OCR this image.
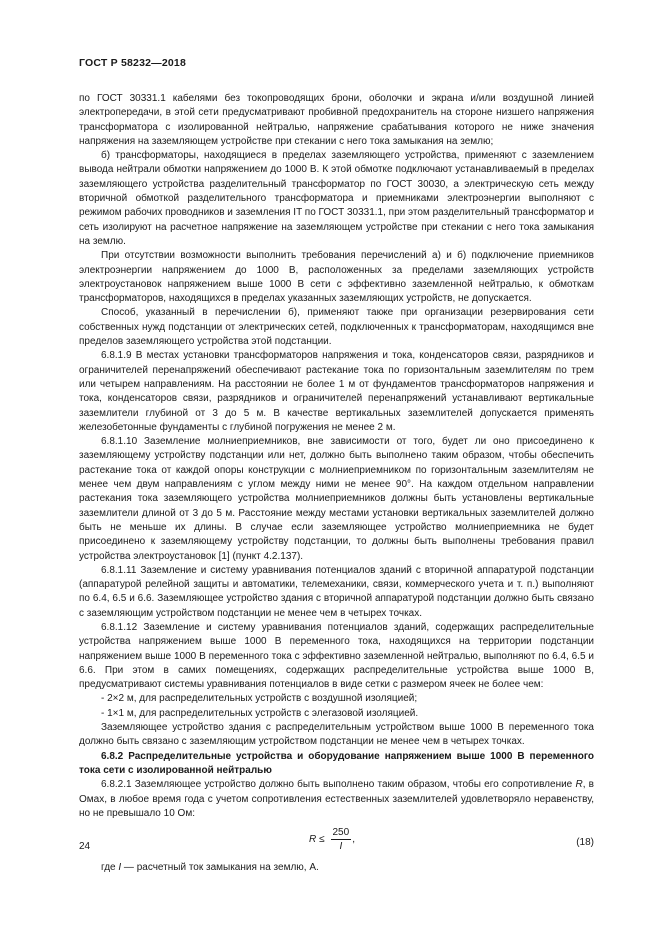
ГОСТ Р 58232—2018

по ГОСТ 30331.1 кабелями без токопроводящих брони, оболочки и экрана и/или воздушной линией электропередачи, в этой сети предусматривают пробивной предохранитель на стороне низшего напряжения трансформатора с изолированной нейтралью, напряжение срабатывания которого не ниже значения напряжения на заземляющем устройстве при стекании с него тока замыкания на землю;

б) трансформаторы, находящиеся в пределах заземляющего устройства, применяют с заземлением вывода нейтрали обмотки напряжением до 1000 В. К этой обмотке подключают устанавливаемый в пределах заземляющего устройства разделительный трансформатор по ГОСТ 30030, а электрическую сеть между вторичной обмоткой разделительного трансформатора и приемниками электроэнергии выполняют с режимом рабочих проводников и заземления IT по ГОСТ 30331.1, при этом разделительный трансформатор и сеть изолируют на расчетное напряжение на заземляющем устройстве при стекании с него тока замыкания на землю.

При отсутствии возможности выполнить требования перечислений а) и б) подключение приемников электроэнергии напряжением до 1000 В, расположенных за пределами заземляющих устройств электроустановок напряжением выше 1000 В сети с эффективно заземленной нейтралью, к обмоткам трансформаторов, находящихся в пределах указанных заземляющих устройств, не допускается.

Способ, указанный в перечислении б), применяют также при организации резервирования сети собственных нужд подстанции от электрических сетей, подключенных к трансформаторам, находящимся вне пределов заземляющего устройства этой подстанции.

6.8.1.9 В местах установки трансформаторов напряжения и тока, конденсаторов связи, разрядников и ограничителей перенапряжений обеспечивают растекание тока по горизонтальным заземлителям по трем или четырем направлениям. На расстоянии не более 1 м от фундаментов трансформаторов напряжения и тока, конденсаторов связи, разрядников и ограничителей перенапряжений устанавливают вертикальные заземлители глубиной от 3 до 5 м. В качестве вертикальных заземлителей допускается применять железобетонные фундаменты с глубиной погружения не менее 2 м.

6.8.1.10 Заземление молниеприемников, вне зависимости от того, будет ли оно присоединено к заземляющему устройству подстанции или нет, должно быть выполнено таким образом, чтобы обеспечить растекание тока от каждой опоры конструкции с молниеприемником по горизонтальным заземлителям не менее чем двум направлениям с углом между ними не менее 90°. На каждом отдельном направлении растекания тока заземляющего устройства молниеприемников должны быть установлены вертикальные заземлители длиной от 3 до 5 м. Расстояние между местами установки вертикальных заземлителей должно быть не меньше их длины. В случае если заземляющее устройство молниеприемника не будет присоединено к заземляющему устройству подстанции, то должны быть выполнены требования правил устройства электроустановок [1] (пункт 4.2.137).

6.8.1.11 Заземление и систему уравнивания потенциалов зданий с вторичной аппаратурой подстанции (аппаратурой релейной защиты и автоматики, телемеханики, связи, коммерческого учета и т. п.) выполняют по 6.4, 6.5 и 6.6. Заземляющее устройство здания с вторичной аппаратурой подстанции должно быть связано с заземляющим устройством подстанции не менее чем в четырех точках.

6.8.1.12 Заземление и систему уравнивания потенциалов зданий, содержащих распределительные устройства напряжением выше 1000 В переменного тока, находящихся на территории подстанции напряжением выше 1000 В переменного тока с эффективно заземленной нейтралью, выполняют по 6.4, 6.5 и 6.6. При этом в самих помещениях, содержащих распределительные устройства выше 1000 В, предусматривают системы уравнивания потенциалов в виде сетки с размером ячеек не более чем:

- 2×2 м, для распределительных устройств с воздушной изоляцией;

- 1×1 м, для распределительных устройств с элегазовой изоляцией.

Заземляющее устройство здания с распределительным устройством выше 1000 В переменного тока должно быть связано с заземляющим устройством подстанции не менее чем в четырех точках.

6.8.2 Распределительные устройства и оборудование напряжением выше 1000 В переменного тока сети с изолированной нейтралью

6.8.2.1 Заземляющее устройство должно быть выполнено таким образом, чтобы его сопротивление R, в Омах, в любое время года с учетом сопротивления естественных заземлителей удовлетворяло неравенству, но не превышало 10 Ом:

$R \le \frac{250}{I}$ ,	(18)

где I — расчетный ток замыкания на землю, А.

24
